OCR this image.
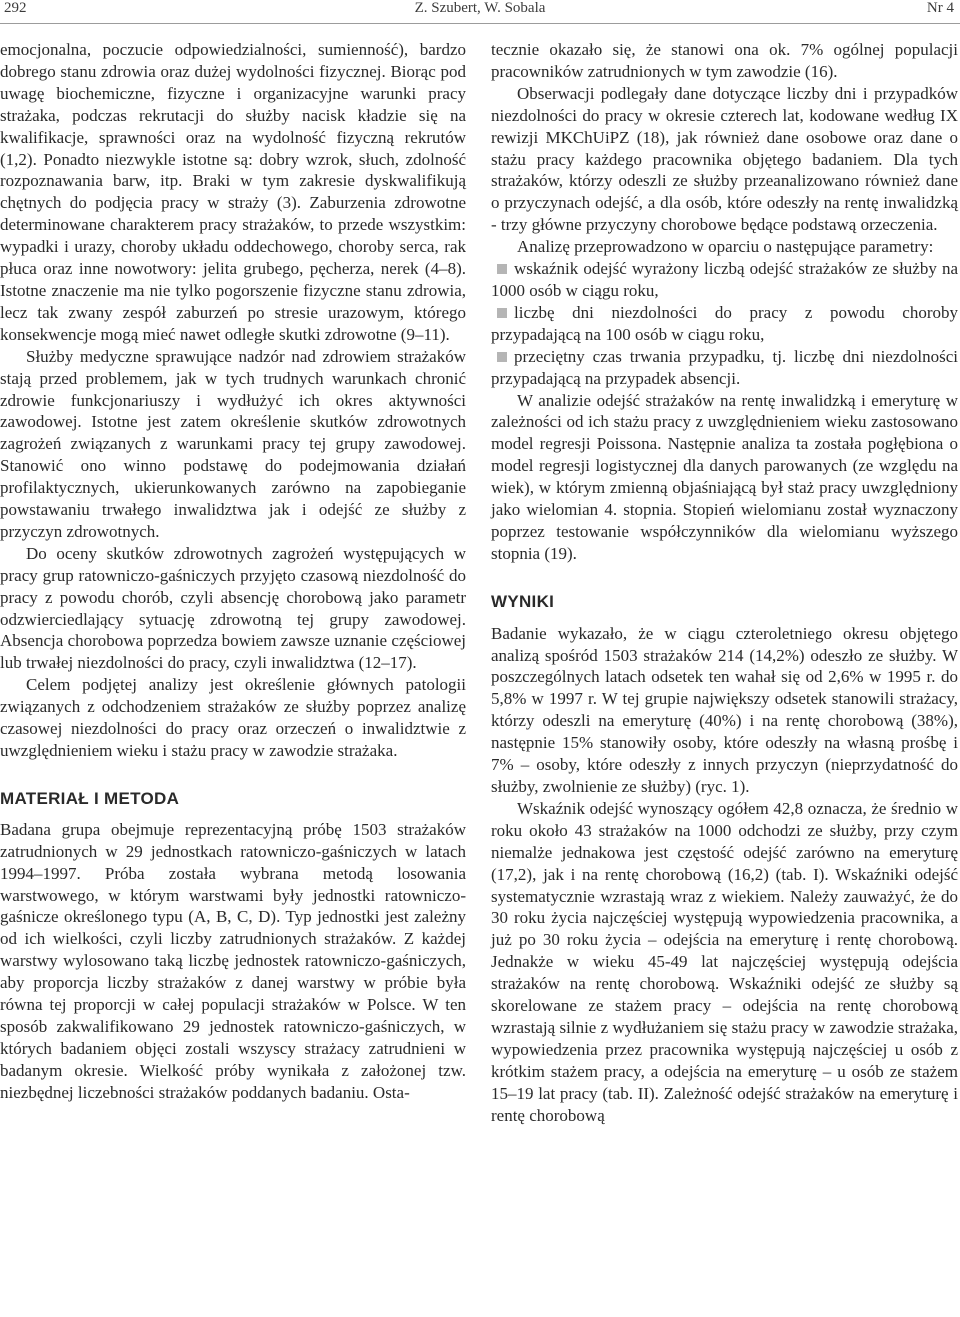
292	Z. Szubert, W. Sobala	Nr 4

emocjonalna, poczucie odpowiedzialności, sumienność), bardzo dobrego stanu zdrowia oraz dużej wydolności fizycznej. Biorąc pod uwagę biochemiczne, fizyczne i organizacyjne warunki pracy strażaka, podczas rekrutacji do służby nacisk kładzie się na kwalifikacje, sprawności oraz na wydolność fizyczną rekrutów (1,2). Ponadto niezwykle istotne są: dobry wzrok, słuch, zdolność rozpoznawania barw, itp. Braki w tym zakresie dyskwalifikują chętnych do podjęcia pracy w straży (3). Zaburzenia zdrowotne determinowane charakterem pracy strażaków, to przede wszystkim: wypadki i urazy, choroby układu oddechowego, choroby serca, rak płuca oraz inne nowotwory: jelita grubego, pęcherza, nerek (4–8). Istotne znaczenie ma nie tylko pogorszenie fizyczne stanu zdrowia, lecz tak zwany zespół zaburzeń po stresie urazowym, którego konsekwencje mogą mieć nawet odległe skutki zdrowotne (9–11).

Służby medyczne sprawujące nadzór nad zdrowiem strażaków stają przed problemem, jak w tych trudnych warunkach chronić zdrowie funkcjonariuszy i wydłużyć ich okres aktywności zawodowej. Istotne jest zatem określenie skutków zdrowotnych zagrożeń związanych z warunkami pracy tej grupy zawodowej. Stanowić ono winno podstawę do podejmowania działań profilaktycznych, ukierunkowanych zarówno na zapobieganie powstawaniu trwałego inwalidztwa jak i odejść ze służby z przyczyn zdrowotnych.

Do oceny skutków zdrowotnych zagrożeń występujących w pracy grup ratowniczo-gaśniczych przyjęto czasową niezdolność do pracy z powodu chorób, czyli absencję chorobową jako parametr odzwierciedlający sytuację zdrowotną tej grupy zawodowej. Absencja chorobowa poprzedza bowiem zawsze uznanie częściowej lub trwałej niezdolności do pracy, czyli inwalidztwa (12–17).

Celem podjętej analizy jest określenie głównych patologii związanych z odchodzeniem strażaków ze służby poprzez analizę czasowej niezdolności do pracy oraz orzeczeń o inwalidztwie z uwzględnieniem wieku i stażu pracy w zawodzie strażaka.

MATERIAŁ I METODA

Badana grupa obejmuje reprezentacyjną próbę 1503 strażaków zatrudnionych w 29 jednostkach ratowniczo-gaśniczych w latach 1994–1997. Próba została wybrana metodą losowania warstwowego, w którym warstwami były jednostki ratowniczo-gaśnicze określonego typu (A, B, C, D). Typ jednostki jest zależny od ich wielkości, czyli liczby zatrudnionych strażaków. Z każdej warstwy wylosowano taką liczbę jednostek ratowniczo-gaśniczych, aby proporcja liczby strażaków z danej warstwy w próbie była równa tej proporcji w całej populacji strażaków w Polsce. W ten sposób zakwalifikowano 29 jednostek ratowniczo-gaśniczych, w których badaniem objęci zostali wszyscy strażacy zatrudnieni w badanym okresie. Wielkość próby wynikała z założonej tzw. niezbędnej liczebności strażaków poddanych badaniu. Osta-

tecznie okazało się, że stanowi ona ok. 7% ogólnej populacji pracowników zatrudnionych w tym zawodzie (16).

Obserwacji podlegały dane dotyczące liczby dni i przypadków niezdolności do pracy w okresie czterech lat, kodowane według IX rewizji MKChUiPZ (18), jak również dane osobowe oraz dane o stażu pracy każdego pracownika objętego badaniem. Dla tych strażaków, którzy odeszli ze służby przeanalizowano również dane o przyczynach odejść, a dla osób, które odeszły na rentę inwalidzką - trzy główne przyczyny chorobowe będące podstawą orzeczenia.

Analizę przeprowadzono w oparciu o następujące parametry:

wskaźnik odejść wyrażony liczbą odejść strażaków ze służby na 1000 osób w ciągu roku,

liczbę dni niezdolności do pracy z powodu choroby przypadającą na 100 osób w ciągu roku,

przeciętny czas trwania przypadku, tj. liczbę dni niezdolności przypadającą na przypadek absencji.

W analizie odejść strażaków na rentę inwalidzką i emeryturę w zależności od ich stażu pracy z uwzględnieniem wieku zastosowano model regresji Poissona. Następnie analiza ta została pogłębiona o model regresji logistycznej dla danych parowanych (ze względu na wiek), w którym zmienną objaśniającą był staż pracy uwzględniony jako wielomian 4. stopnia. Stopień wielomianu został wyznaczony poprzez testowanie współczynników dla wielomianu wyższego stopnia (19).

WYNIKI

Badanie wykazało, że w ciągu czteroletniego okresu objętego analizą spośród 1503 strażaków 214 (14,2%) odeszło ze służby. W poszczególnych latach odsetek ten wahał się od 2,6% w 1995 r. do 5,8% w 1997 r. W tej grupie największy odsetek stanowili strażacy, którzy odeszli na emeryturę (40%) i na rentę chorobową (38%), następnie 15% stanowiły osoby, które odeszły na własną prośbę i 7% – osoby, które odeszły z innych przyczyn (nieprzydatność do służby, zwolnienie ze służby) (ryc. 1).

Wskaźnik odejść wynoszący ogółem 42,8 oznacza, że średnio w roku około 43 strażaków na 1000 odchodzi ze służby, przy czym niemalże jednakowa jest częstość odejść zarówno na emeryturę (17,2), jak i na rentę chorobową (16,2) (tab. I). Wskaźniki odejść systematycznie wzrastają wraz z wiekiem. Należy zauważyć, że do 30 roku życia najczęściej występują wypowiedzenia pracownika, a już po 30 roku życia – odejścia na emeryturę i rentę chorobową. Jednakże w wieku 45-49 lat najczęściej występują odejścia strażaków na rentę chorobową. Wskaźniki odejść ze służby są skorelowane ze stażem pracy – odejścia na rentę chorobową wzrastają silnie z wydłużaniem się stażu pracy w zawodzie strażaka, wypowiedzenia przez pracownika występują najczęściej u osób z krótkim stażem pracy, a odejścia na emeryturę – u osób ze stażem 15–19 lat pracy (tab. II). Zależność odejść strażaków na emeryturę i rentę chorobową
